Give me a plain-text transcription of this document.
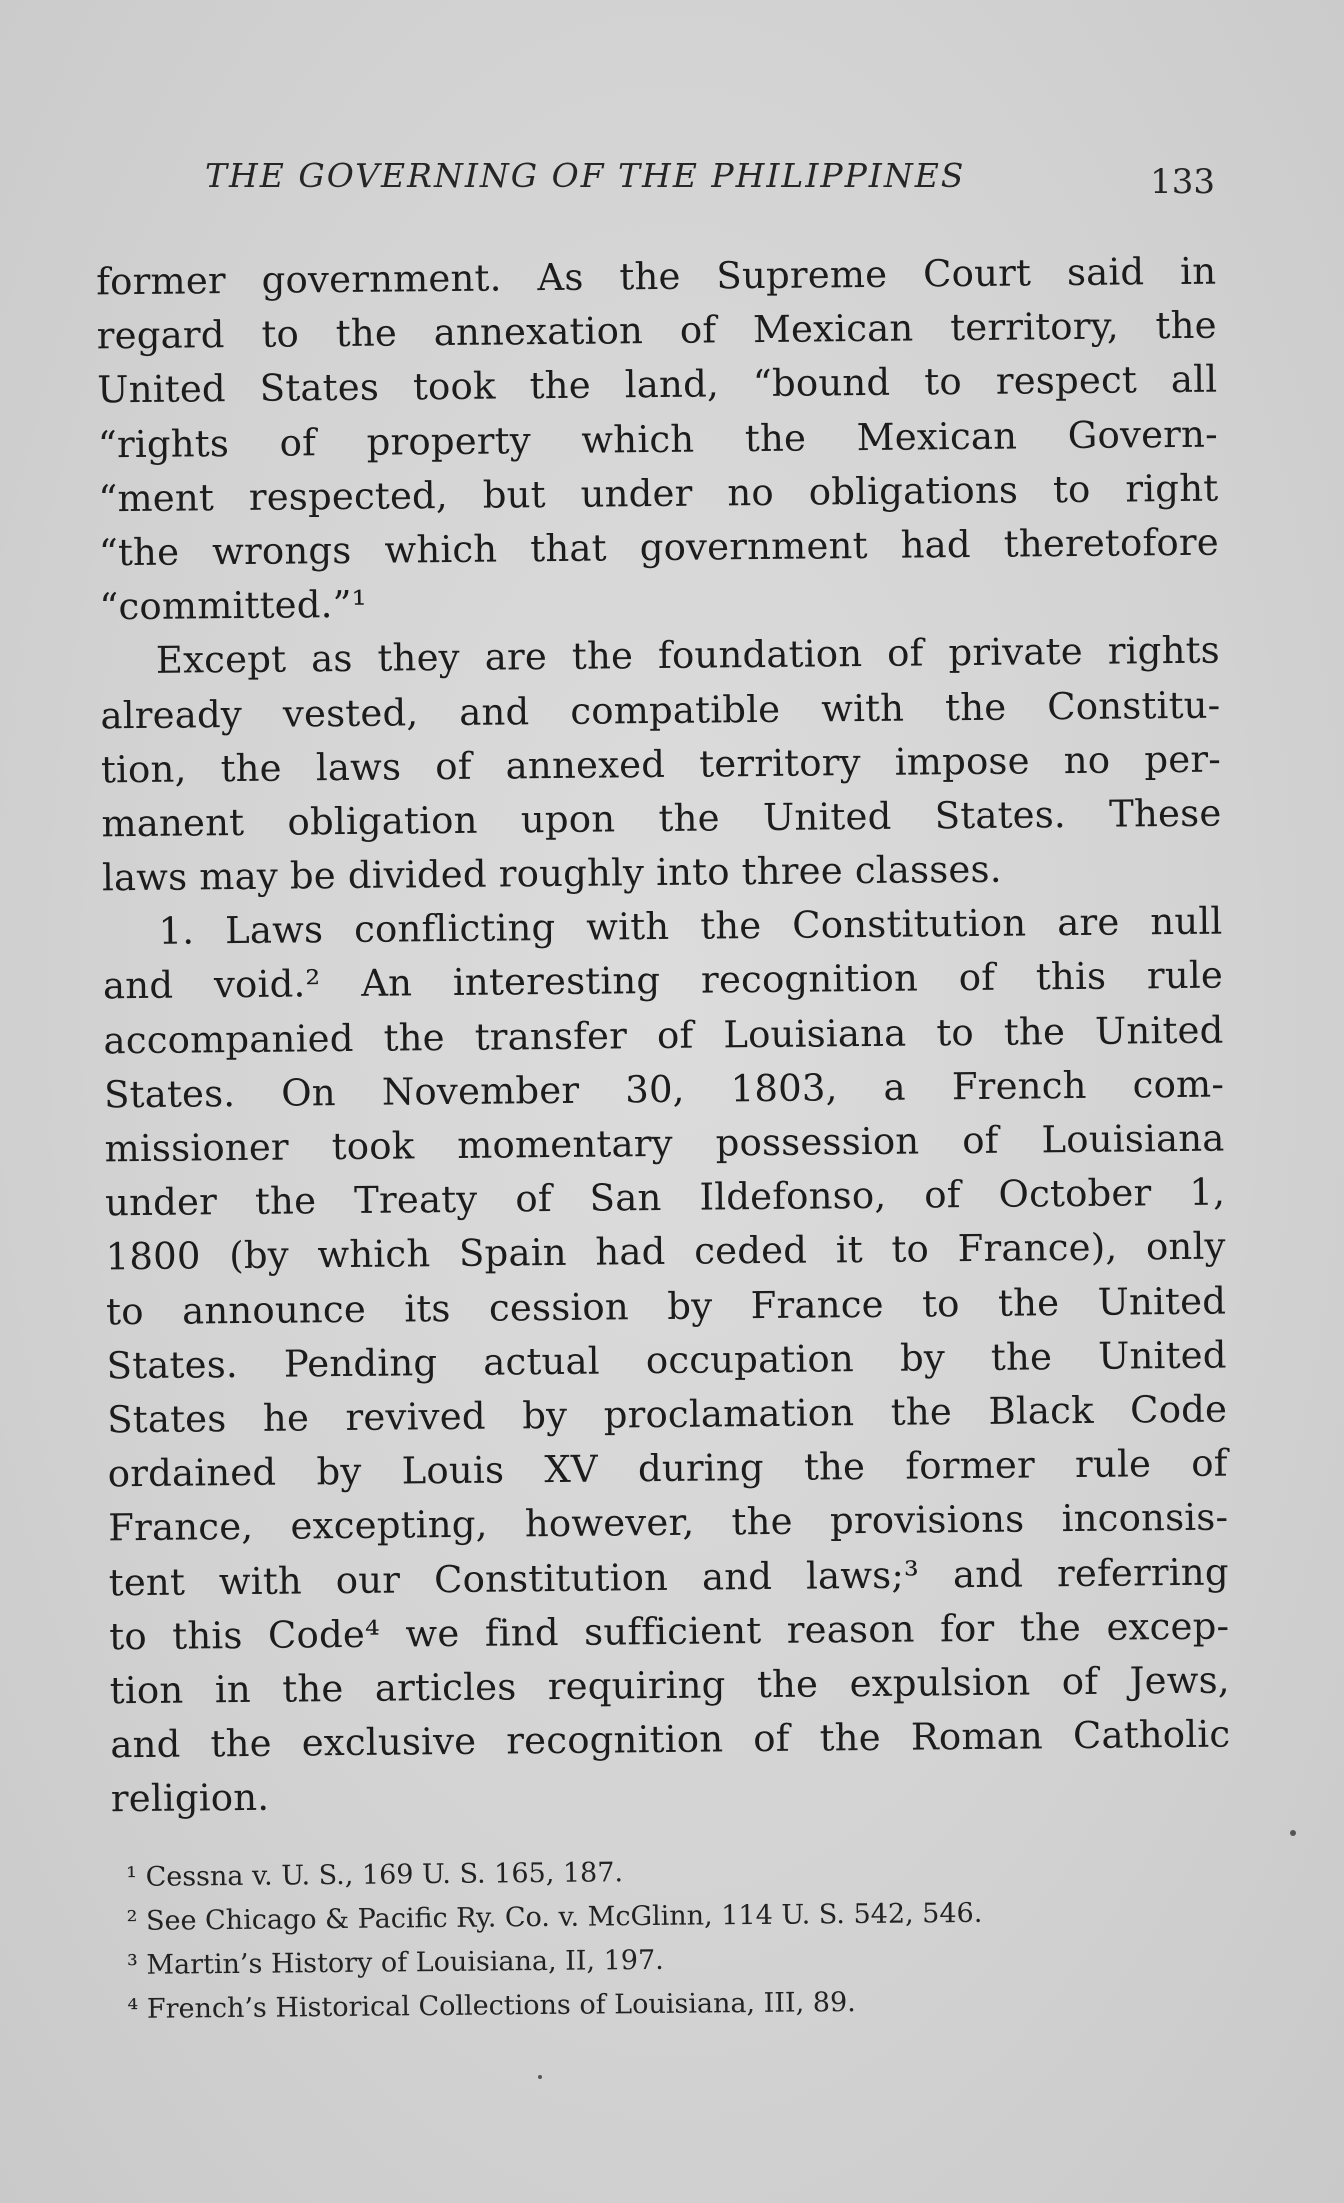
THE GOVERNING OF THE PHILIPPINES	133
former government. As the Supreme Court said in
regard to the annexation of Mexican territory, the
United States took the land, “bound to respect all
“rights of property which the Mexican Govern-
“ment respected, but under no obligations to right
“the wrongs which that government had theretofore
“committed.”¹
Except as they are the foundation of private rights
already vested, and compatible with the Constitu-
tion, the laws of annexed territory impose no per-
manent obligation upon the United States. These
laws may be divided roughly into three classes.
1. Laws conflicting with the Constitution are null
and void.² An interesting recognition of this rule
accompanied the transfer of Louisiana to the United
States. On November 30, 1803, a French com-
missioner took momentary possession of Louisiana
under the Treaty of San Ildefonso, of October 1,
1800 (by which Spain had ceded it to France), only
to announce its cession by France to the United
States. Pending actual occupation by the United
States he revived by proclamation the Black Code
ordained by Louis XV during the former rule of
France, excepting, however, the provisions inconsis-
tent with our Constitution and laws;³ and referring
to this Code⁴ we find sufficient reason for the excep-
tion in the articles requiring the expulsion of Jews,
and the exclusive recognition of the Roman Catholic
religion.
¹ Cessna v. U. S., 169 U. S. 165, 187.
² See Chicago & Pacific Ry. Co. v. McGlinn, 114 U. S. 542, 546.
³ Martin’s History of Louisiana, II, 197.
⁴ French’s Historical Collections of Louisiana, III, 89.
